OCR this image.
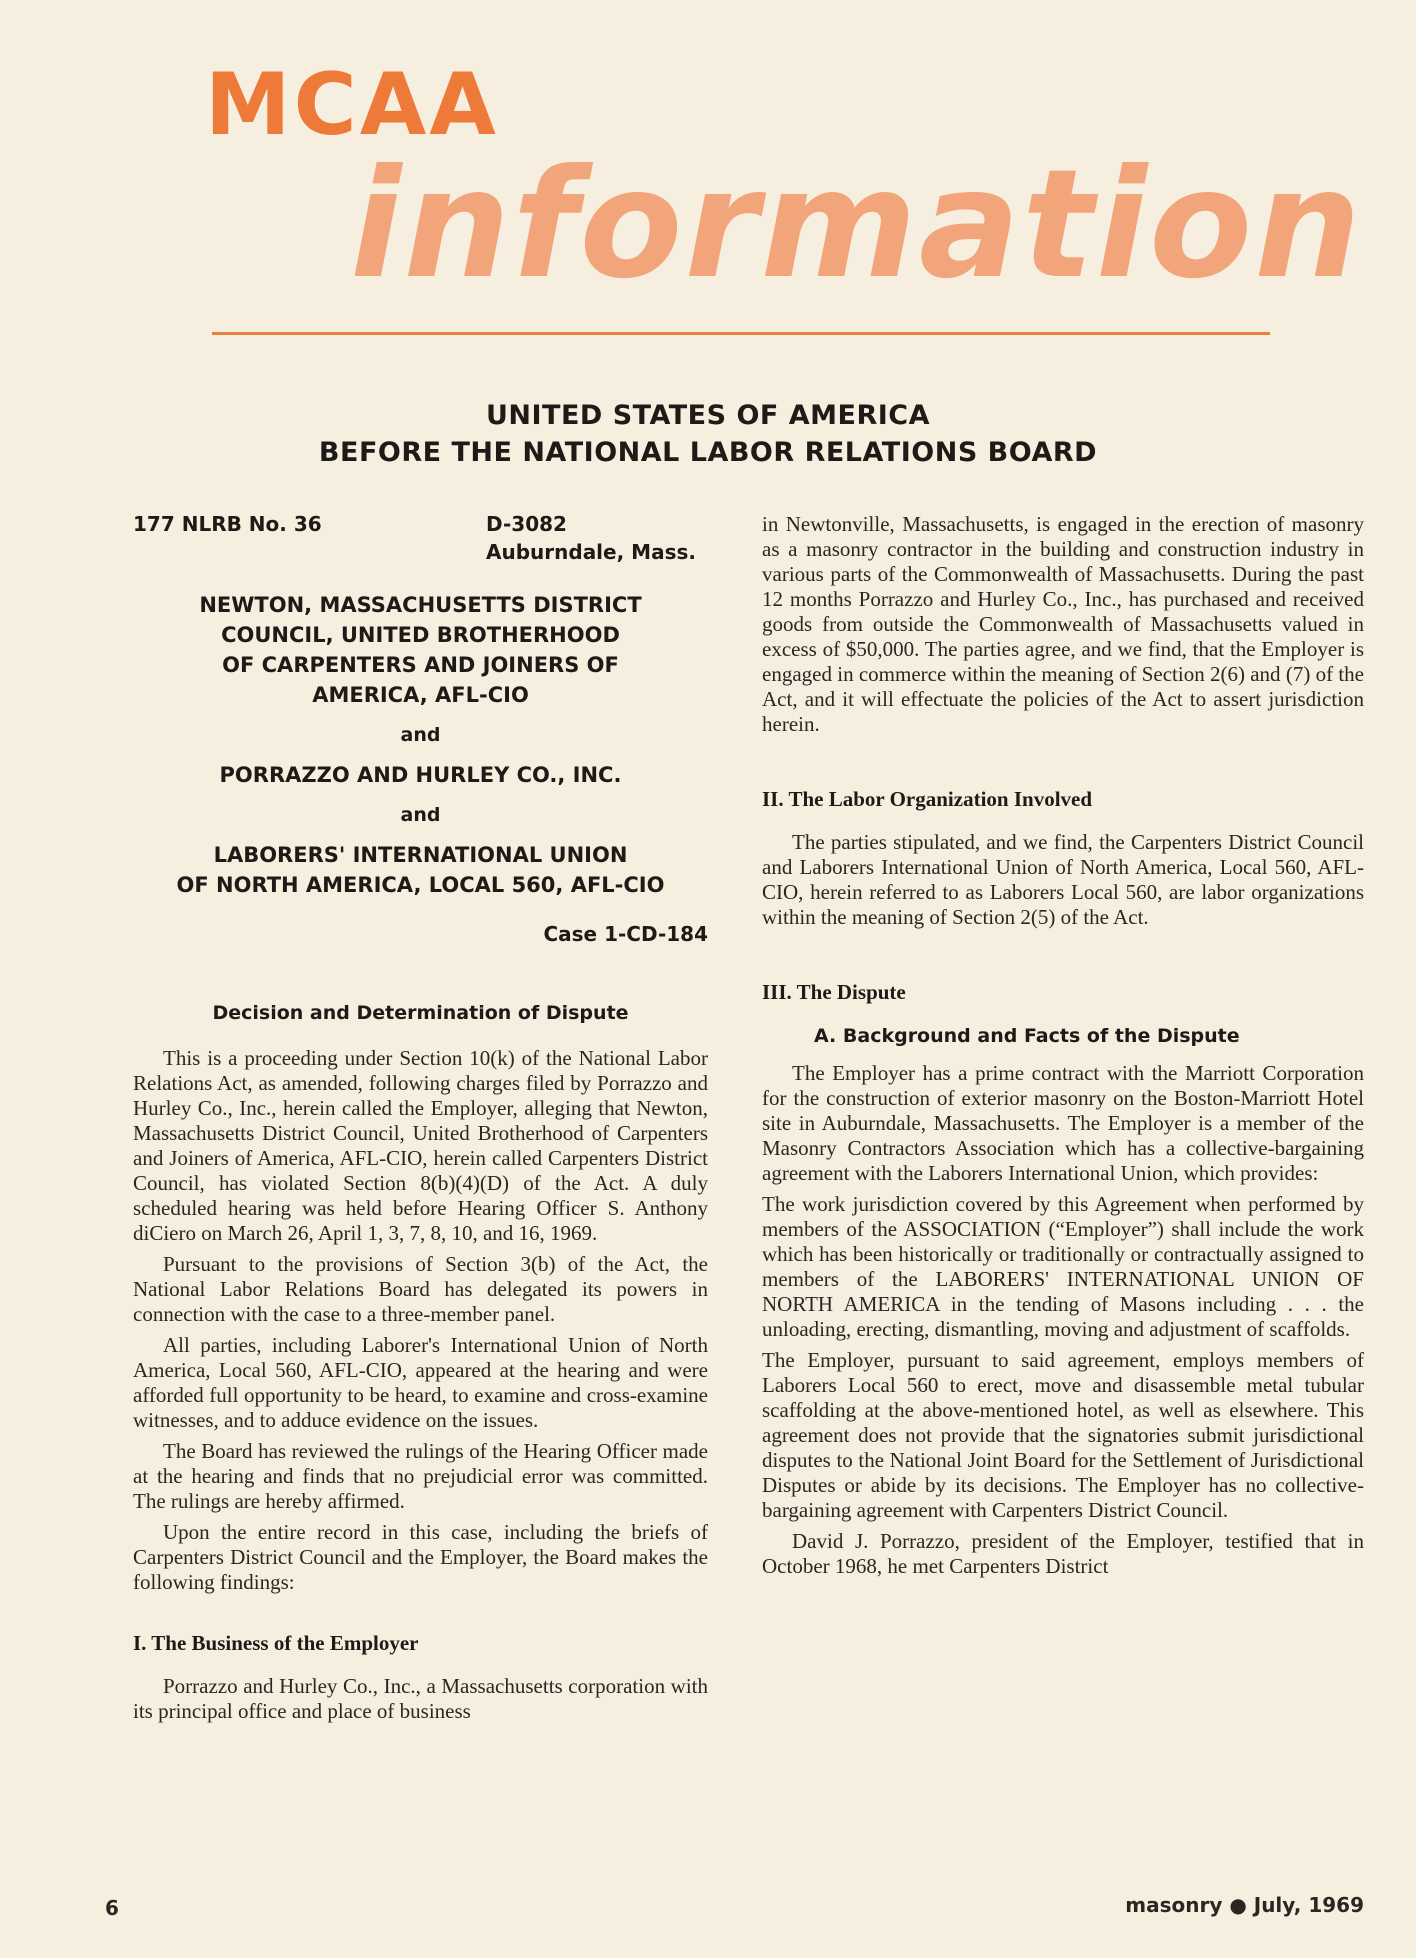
MCAA
information
UNITED STATES OF AMERICA
BEFORE THE NATIONAL LABOR RELATIONS BOARD
177 NLRB No. 36	D-3082
Auburndale, Mass.
NEWTON, MASSACHUSETTS DISTRICT
COUNCIL, UNITED BROTHERHOOD
OF CARPENTERS AND JOINERS OF
AMERICA, AFL-CIO
and
PORRAZZO AND HURLEY CO., INC.
and
LABORERS' INTERNATIONAL UNION
OF NORTH AMERICA, LOCAL 560, AFL-CIO
Case 1-CD-184
Decision and Determination of Dispute

This is a proceeding under Section 10(k) of the National Labor Relations Act, as amended, following charges filed by Porrazzo and Hurley Co., Inc., herein called the Employer, alleging that Newton, Massachusetts District Council, United Brotherhood of Carpenters and Joiners of America, AFL-CIO, herein called Carpenters District Council, has violated Section 8(b)(4)(D) of the Act. A duly scheduled hearing was held before Hearing Officer S. Anthony diCiero on March 26, April 1, 3, 7, 8, 10, and 16, 1969.

Pursuant to the provisions of Section 3(b) of the Act, the National Labor Relations Board has delegated its powers in connection with the case to a three-member panel.

All parties, including Laborer's International Union of North America, Local 560, AFL-CIO, appeared at the hearing and were afforded full opportunity to be heard, to examine and cross-examine witnesses, and to adduce evidence on the issues.

The Board has reviewed the rulings of the Hearing Officer made at the hearing and finds that no prejudicial error was committed. The rulings are hereby affirmed.

Upon the entire record in this case, including the briefs of Carpenters District Council and the Employer, the Board makes the following findings:

I. The Business of the Employer

Porrazzo and Hurley Co., Inc., a Massachusetts corporation with its principal office and place of business

in Newtonville, Massachusetts, is engaged in the erection of masonry as a masonry contractor in the building and construction industry in various parts of the Commonwealth of Massachusetts. During the past 12 months Porrazzo and Hurley Co., Inc., has purchased and received goods from outside the Commonwealth of Massachusetts valued in excess of $50,000. The parties agree, and we find, that the Employer is engaged in commerce within the meaning of Section 2(6) and (7) of the Act, and it will effectuate the policies of the Act to assert jurisdiction herein.

II. The Labor Organization Involved

The parties stipulated, and we find, the Carpenters District Council and Laborers International Union of North America, Local 560, AFL-CIO, herein referred to as Laborers Local 560, are labor organizations within the meaning of Section 2(5) of the Act.

III. The Dispute
A. Background and Facts of the Dispute

The Employer has a prime contract with the Marriott Corporation for the construction of exterior masonry on the Boston-Marriott Hotel site in Auburndale, Massachusetts. The Employer is a member of the Masonry Contractors Association which has a collective-bargaining agreement with the Laborers International Union, which provides:

The work jurisdiction covered by this Agreement when performed by members of the ASSOCIATION (“Employer”) shall include the work which has been historically or traditionally or contractually assigned to members of the LABORERS' INTERNATIONAL UNION OF NORTH AMERICA in the tending of Masons including . . . the unloading, erecting, dismantling, moving and adjustment of scaffolds.

The Employer, pursuant to said agreement, employs members of Laborers Local 560 to erect, move and disassemble metal tubular scaffolding at the above-mentioned hotel, as well as elsewhere. This agreement does not provide that the signatories submit jurisdictional disputes to the National Joint Board for the Settlement of Jurisdictional Disputes or abide by its decisions. The Employer has no collective-bargaining agreement with Carpenters District Council.

David J. Porrazzo, president of the Employer, testified that in October 1968, he met Carpenters District

6	masonry ● July, 1969
